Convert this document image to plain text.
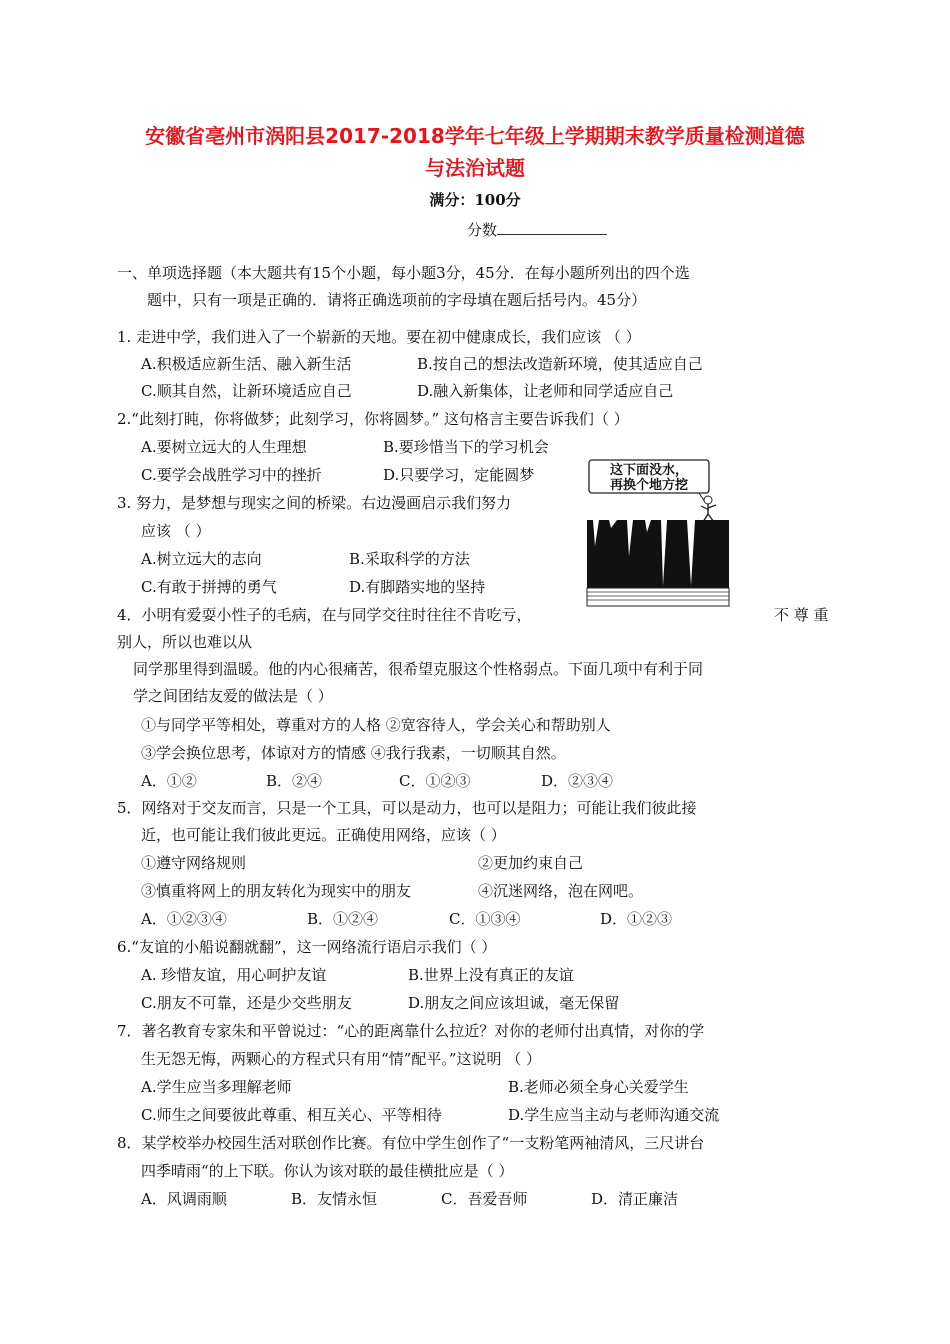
安徽省亳州市涡阳县2017-2018学年七年级上学期期末教学质量检测道德
与法治试题
满分：100分
分数
一、单项选择题（本大题共有15个小题，每小题3分，45分．在每小题所列出的四个选
题中，只有一项是正确的．请将正确选项前的字母填在题后括号内。45分）
1. 走进中学，我们进入了一个崭新的天地。要在初中健康成长，我们应该 （ ）
A.积极适应新生活、融入新生活	B.按自己的想法改造新环境，使其适应自己
C.顺其自然，让新环境适应自己	D.融入新集体，让老师和同学适应自己
2.“此刻打盹，你将做梦；此刻学习，你将圆梦。” 这句格言主要告诉我们（ ）
A.要树立远大的人生理想	B.要珍惜当下的学习机会
C.要学会战胜学习中的挫折	D.只要学习，定能圆梦	这下面没水，
再换个地方挖
3. 努力，是梦想与现实之间的桥梁。右边漫画启示我们努力
应该 （ ）
A.树立远大的志向	B.采取科学的方法
C.有敢于拼搏的勇气	D.有脚踏实地的坚持
4．小明有爱耍小性子的毛病，在与同学交往时往往不肯吃亏，	不 尊 重
别人，所以也难以从
同学那里得到温暖。他的内心很痛苦，很希望克服这个性格弱点。下面几项中有利于同
学之间团结友爱的做法是（ ）
①与同学平等相处，尊重对方的人格 ②宽容待人，学会关心和帮助别人
③学会换位思考，体谅对方的情感 ④我行我素，一切顺其自然。
A．①②	B．②④	C．①②③	D．②③④
5．网络对于交友而言，只是一个工具，可以是动力，也可以是阻力；可能让我们彼此接
近，也可能让我们彼此更远。正确使用网络，应该（ ）
①遵守网络规则	②更加约束自己
③慎重将网上的朋友转化为现实中的朋友	④沉迷网络，泡在网吧。
A．①②③④	B．①②④	C．①③④	D．①②③
6.“友谊的小船说翻就翻”，这一网络流行语启示我们（ ）
A. 珍惜友谊，用心呵护友谊	B.世界上没有真正的友谊
C.朋友不可靠，还是少交些朋友	D.朋友之间应该坦诚，毫无保留
7．著名教育专家朱和平曾说过：“心的距离靠什么拉近？对你的老师付出真情，对你的学
生无怨无悔，两颗心的方程式只有用“情”配平。”这说明 （ ）
A.学生应当多理解老师	B.老师必须全身心关爱学生
C.师生之间要彼此尊重、相互关心、平等相待	D.学生应当主动与老师沟通交流
8．某学校举办校园生活对联创作比赛。有位中学生创作了“一支粉笔两袖清风，三尺讲台
四季晴雨“的上下联。你认为该对联的最佳横批应是（ ）
A．风调雨顺	B．友情永恒	C．吾爱吾师	D．清正廉洁
